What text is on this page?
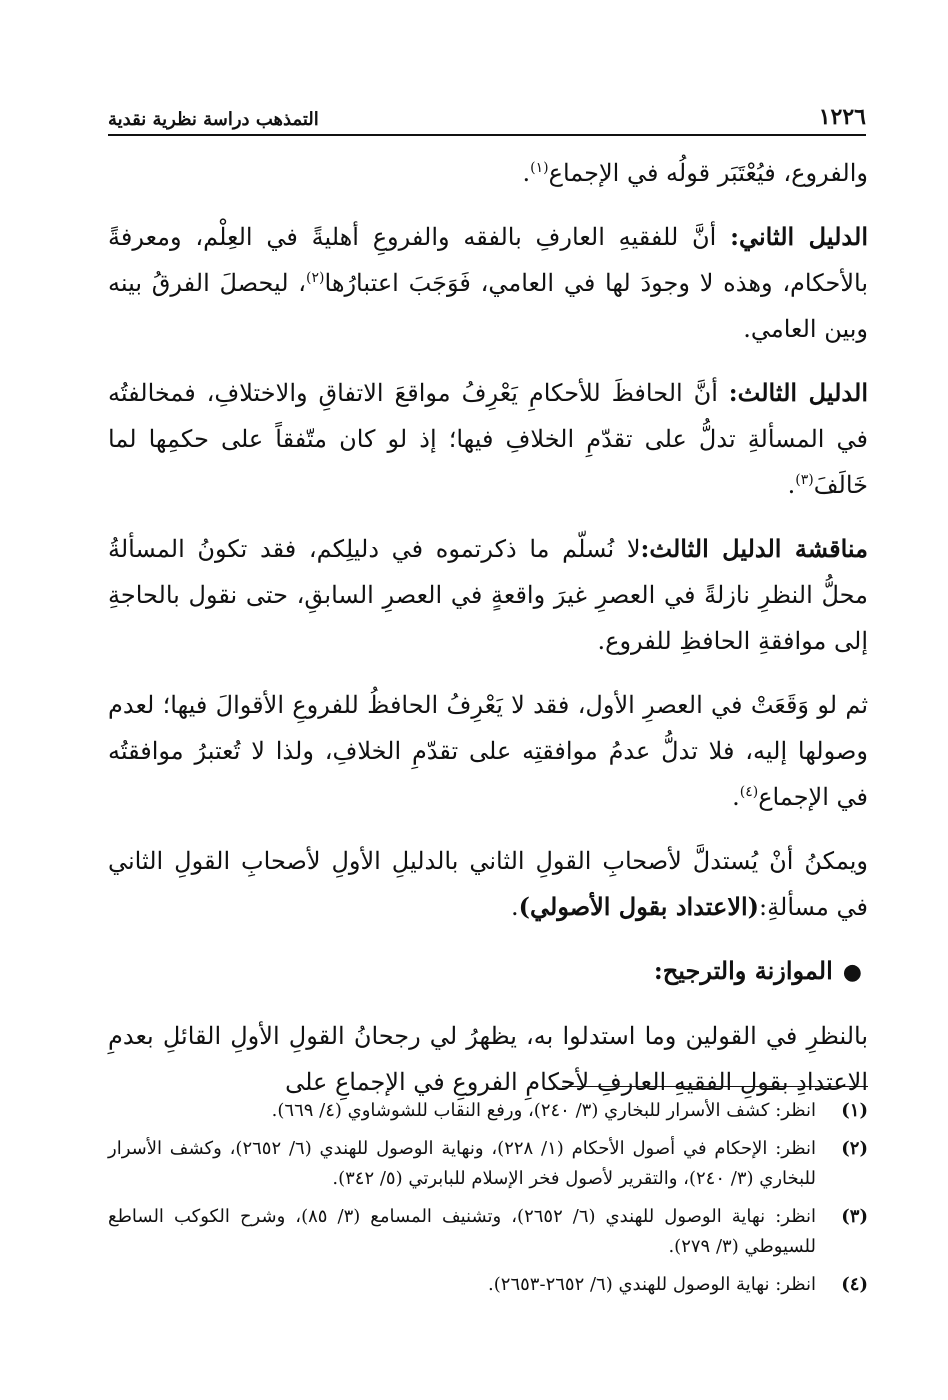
١٢٢٦
التمذهب دراسة نظرية نقدية

والفروع، فيُعْتَبَر قولُه في الإجماع$^{(١)}$.

الدليل الثاني: أنَّ للفقيهِ العارفِ بالفقه والفروعِ أهليةً في العِلْم، ومعرفةً بالأحكام، وهذه لا وجودَ لها في العامي، فَوَجَبَ اعتبارُها$^{(٢)}$، ليحصلَ الفرقُ بينه وبين العامي.

الدليل الثالث: أنَّ الحافظَ للأحكامِ يَعْرِفُ مواقعَ الاتفاقِ والاختلافِ، فمخالفتُه في المسألةِ تدلُّ على تقدّمِ الخلافِ فيها؛ إذ لو كان متّفقاً على حكمِها لما خَالَفَ$^{(٣)}$.

مناقشة الدليل الثالث:لا نُسلّم ما ذكرتموه في دليلِكم، فقد تكونُ المسألةُ محلُّ النظرِ نازلةً في العصرِ غيرَ واقعةٍ في العصرِ السابقِ، حتى نقول بالحاجةِ إلى موافقةِ الحافظِ للفروع.

ثم لو وَقَعَتْ في العصرِ الأول، فقد لا يَعْرِفُ الحافظُ للفروعِ الأقوالَ فيها؛ لعدم وصولها إليه، فلا تدلُّ عدمُ موافقتِه على تقدّمِ الخلافِ، ولذا لا تُعتبرُ موافقتُه في الإجماع$^{(٤)}$.

ويمكنُ أنْ يُستدلَّ لأصحابِ القولِ الثاني بالدليلِ الأولِ لأصحابِ القولِ الثاني في مسألةِ:(الاعتداد بقول الأصولي).

●الموازنة والترجيح:

بالنظرِ في القولين وما استدلوا به، يظهرُ لي رجحانُ القولِ الأولِ القائلِ بعدمِ الاعتدادِ بقولِ الفقيهِ العارفِ لأحكامِ الفروعِ في الإجماعِ على

(١)
انظر: كشف الأسرار للبخاري (٣/ ٢٤٠)، ورفع النقاب للشوشاوي (٤/ ٦٦٩).
(٢)
انظر: الإحكام في أصول الأحكام (١/ ٢٢٨)، ونهاية الوصول للهندي (٦/ ٢٦٥٢)، وكشف الأسرار للبخاري (٣/ ٢٤٠)، والتقرير لأصول فخر الإسلام للبابرتي (٥/ ٣٤٢).
(٣)
انظر: نهاية الوصول للهندي (٦/ ٢٦٥٢)، وتشنيف المسامع (٣/ ٨٥)، وشرح الكوكب الساطع للسيوطي (٣/ ٢٧٩).
(٤)
انظر: نهاية الوصول للهندي (٦/ ٢٦٥٢-٢٦٥٣).
